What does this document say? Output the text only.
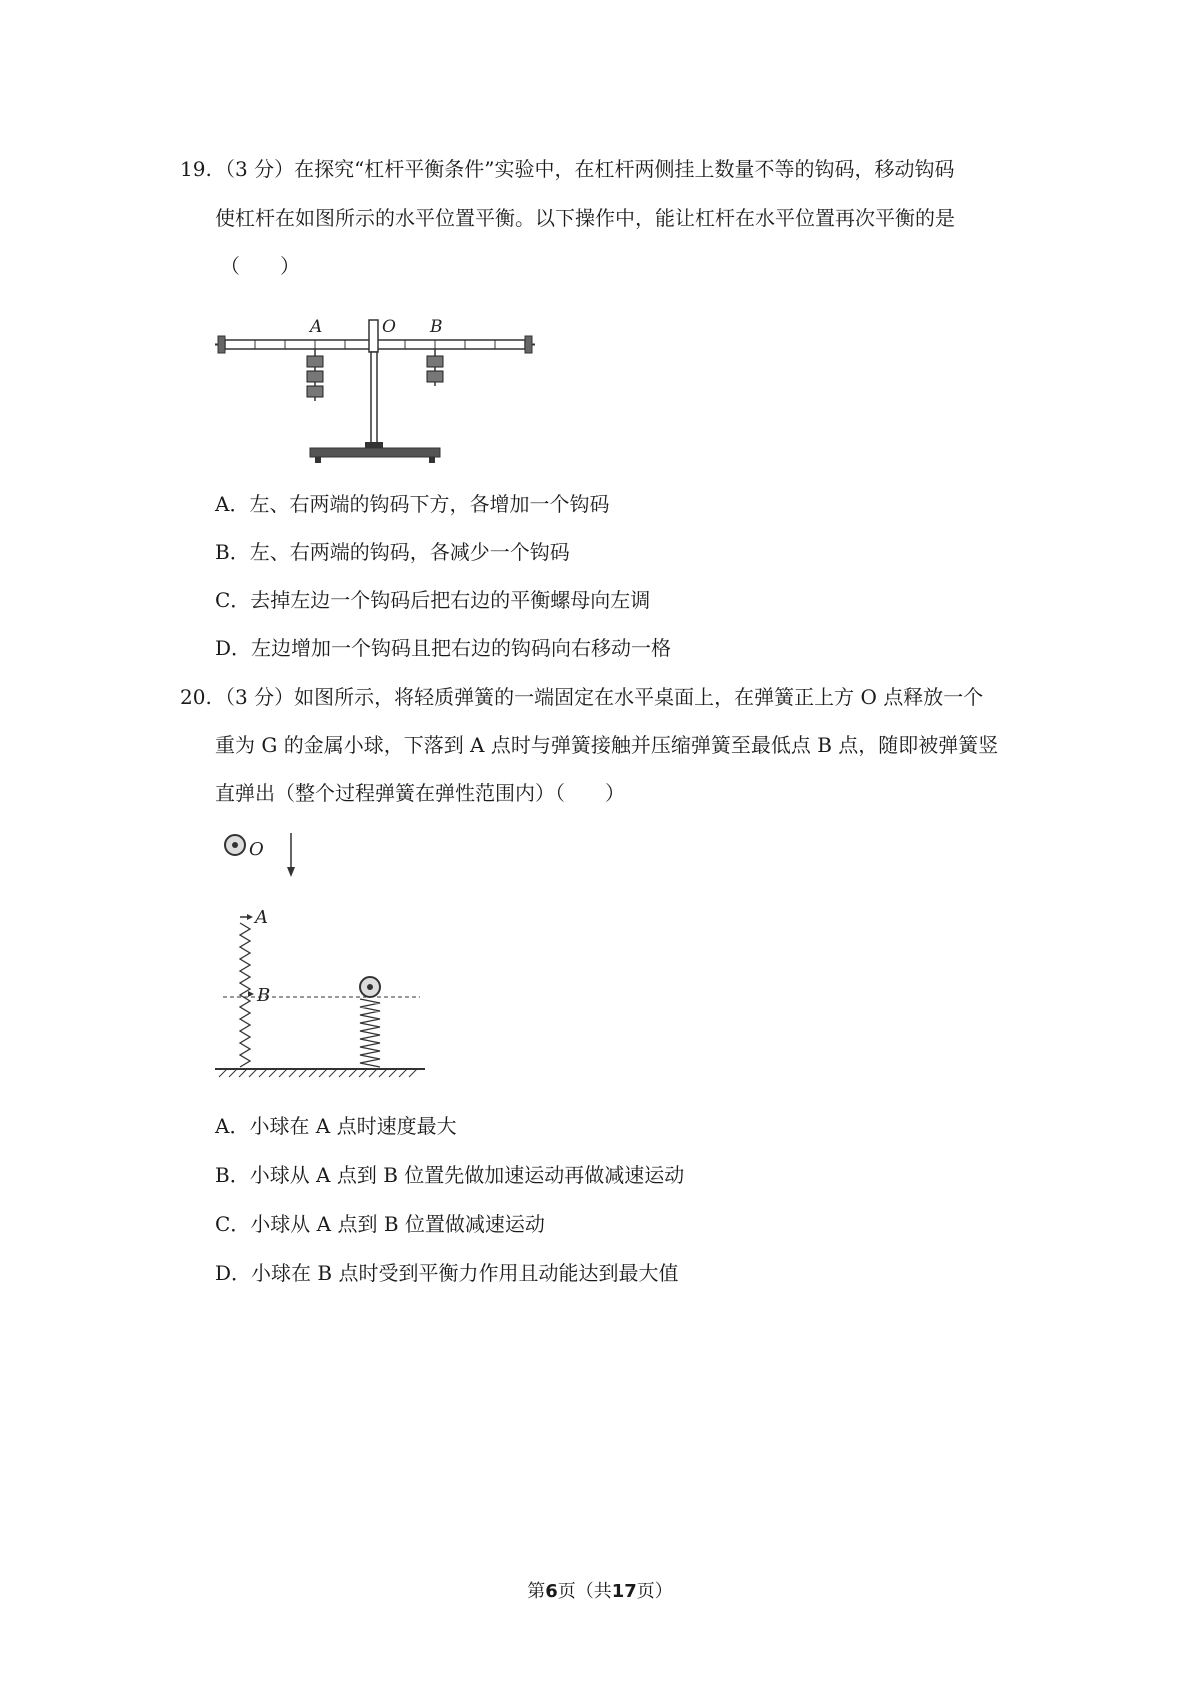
19. （3 分）在探究“杠杆平衡条件”实验中，在杠杆两侧挂上数量不等的钩码，移动钩码
使杠杆在如图所示的水平位置平衡。以下操作中，能让杠杆在水平位置再次平衡的是
（　　）
A	O B
A．左、右两端的钩码下方，各增加一个钩码
B．左、右两端的钩码，各减少一个钩码
C．去掉左边一个钩码后把右边的平衡螺母向左调
D．左边增加一个钩码且把右边的钩码向右移动一格
20. （3 分）如图所示，将轻质弹簧的一端固定在水平桌面上，在弹簧正上方 O 点释放一个
重为 G 的金属小球，下落到 A 点时与弹簧接触并压缩弹簧至最低点 B 点，随即被弹簧竖
直弹出（整个过程弹簧在弹性范围内）（　　）
O
A
B
A．小球在 A 点时速度最大
B．小球从 A 点到 B 位置先做加速运动再做减速运动
C．小球从 A 点到 B 位置做减速运动
D．小球在 B 点时受到平衡力作用且动能达到最大值
第6页（共17页）
